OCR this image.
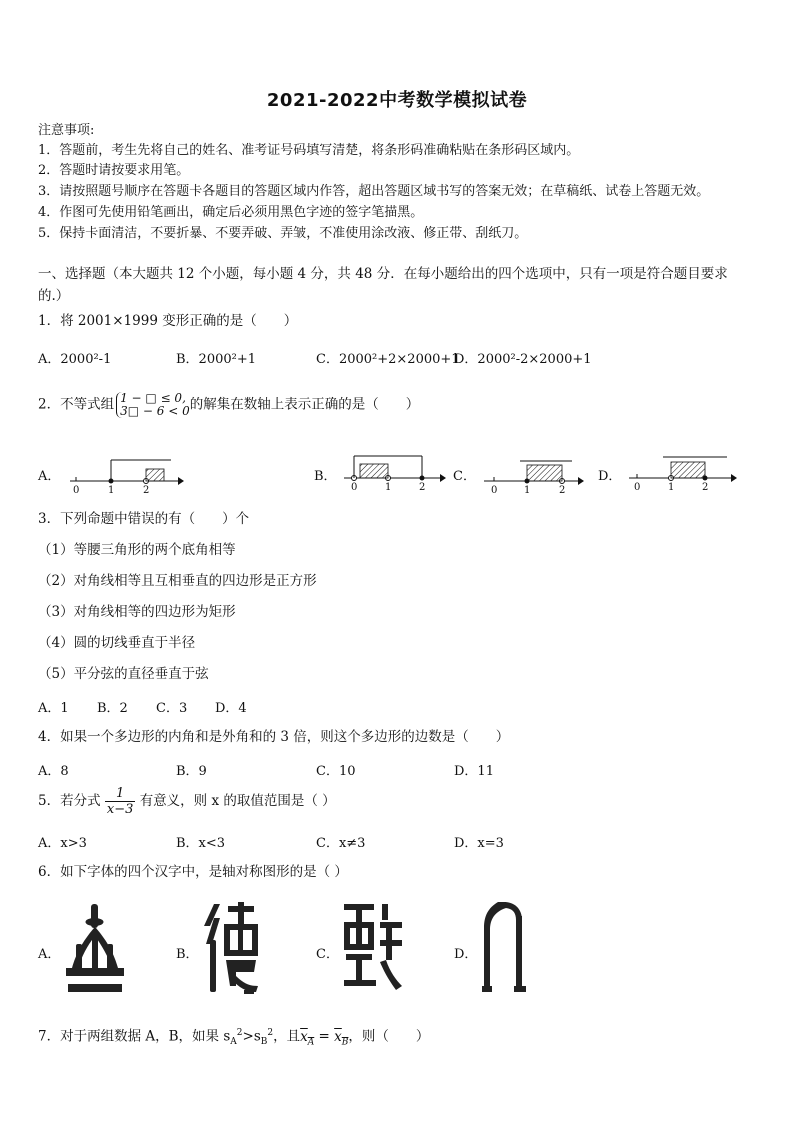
2021-2022中考数学模拟试卷
注意事项:
1．答题前，考生先将自己的姓名、准考证号码填写清楚，将条形码准确粘贴在条形码区域内。
2．答题时请按要求用笔。
3．请按照题号顺序在答题卡各题目的答题区域内作答，超出答题区域书写的答案无效；在草稿纸、试卷上答题无效。
4．作图可先使用铅笔画出，确定后必须用黑色字迹的签字笔描黑。
5．保持卡面清洁，不要折暴、不要弄破、弄皱，不准使用涂改液、修正带、刮纸刀。
一、选择题（本大题共 12 个小题，每小题 4 分，共 48 分．在每小题给出的四个选项中，只有一项是符合题目要求
的.）
1．将 2001×1999 变形正确的是（　　）
A．2000²-1	B．2000²+1	C．2000²+2×2000+1
D．2000²-2×2000+1
2．不等式组 1 − □ ≤ 0,
3□ − 6 < 0 的解集在数轴上表示正确的是（　　）
A．
0	1	2
B．
0	1	2
C．
0	1	2
D．
0	1	2
3．下列命题中错误的有（　　）个
（1）等腰三角形的两个底角相等
（2）对角线相等且互相垂直的四边形是正方形
（3）对角线相等的四边形为矩形
（4）圆的切线垂直于半径
（5）平分弦的直径垂直于弦
A．1 B．2 C．3 D．4
4．如果一个多边形的内角和是外角和的 3 倍，则这个多边形的边数是（　　）
A．8	B．9	C．10	D．11
5．若分式 $\frac{1}{x-3}$ 有意义，则 x 的取值范围是（ ）
A．x>3	B．x<3	C．x≠3	D．x=3
6．如下字体的四个汉字中，是轴对称图形的是（ ）
A．	B．	C．	D．
7．对于两组数据 A，B，如果 $s_A^2>s_B^2$，且$x_A = x_B$，则（　　）
